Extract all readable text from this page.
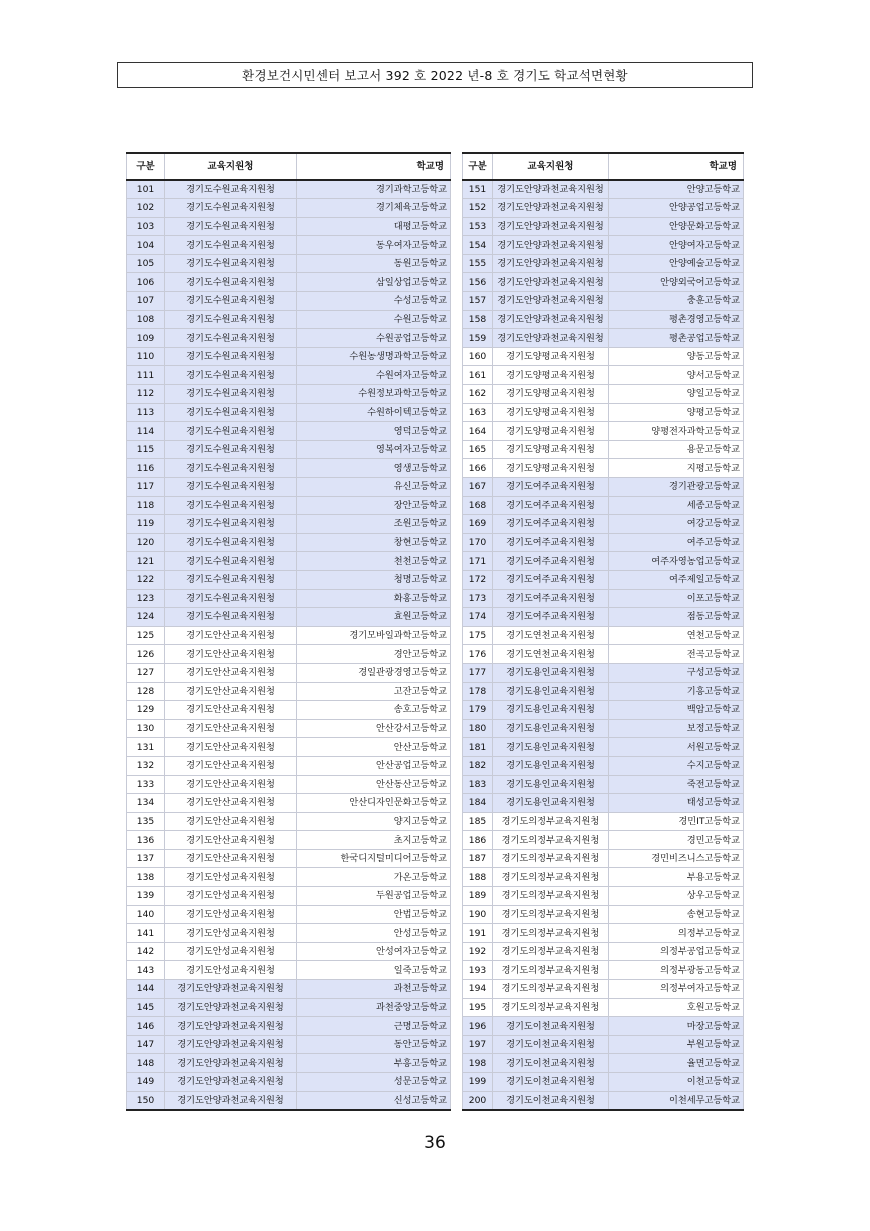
환경보건시민센터 보고서 392 호 2022 년-8 호 경기도 학교석면현황
구분	교육지원청	학교명
101	경기도수원교육지원청	경기과학고등학교
102	경기도수원교육지원청	경기체육고등학교
103	경기도수원교육지원청	대평고등학교
104	경기도수원교육지원청	동우여자고등학교
105	경기도수원교육지원청	동원고등학교
106	경기도수원교육지원청	삼일상업고등학교
107	경기도수원교육지원청	수성고등학교
108	경기도수원교육지원청	수원고등학교
109	경기도수원교육지원청	수원공업고등학교
110	경기도수원교육지원청	수원농생명과학고등학교
111	경기도수원교육지원청	수원여자고등학교
112	경기도수원교육지원청	수원정보과학고등학교
113	경기도수원교육지원청	수원하이텍고등학교
114	경기도수원교육지원청	영덕고등학교
115	경기도수원교육지원청	영복여자고등학교
116	경기도수원교육지원청	영생고등학교
117	경기도수원교육지원청	유신고등학교
118	경기도수원교육지원청	장안고등학교
119	경기도수원교육지원청	조원고등학교
120	경기도수원교육지원청	창현고등학교
121	경기도수원교육지원청	천천고등학교
122	경기도수원교육지원청	청명고등학교
123	경기도수원교육지원청	화홍고등학교
124	경기도수원교육지원청	효원고등학교
125	경기도안산교육지원청	경기모바일과학고등학교
126	경기도안산교육지원청	경안고등학교
127	경기도안산교육지원청	경일관광경영고등학교
128	경기도안산교육지원청	고잔고등학교
129	경기도안산교육지원청	송호고등학교
130	경기도안산교육지원청	안산강서고등학교
131	경기도안산교육지원청	안산고등학교
132	경기도안산교육지원청	안산공업고등학교
133	경기도안산교육지원청	안산동산고등학교
134	경기도안산교육지원청	안산디자인문화고등학교
135	경기도안산교육지원청	양지고등학교
136	경기도안산교육지원청	초지고등학교
137	경기도안산교육지원청	한국디지털미디어고등학교
138	경기도안성교육지원청	가온고등학교
139	경기도안성교육지원청	두원공업고등학교
140	경기도안성교육지원청	안법고등학교
141	경기도안성교육지원청	안성고등학교
142	경기도안성교육지원청	안성여자고등학교
143	경기도안성교육지원청	일죽고등학교
144	경기도안양과천교육지원청	과천고등학교
145	경기도안양과천교육지원청	과천중앙고등학교
146	경기도안양과천교육지원청	근명고등학교
147	경기도안양과천교육지원청	동안고등학교
148	경기도안양과천교육지원청	부흥고등학교
149	경기도안양과천교육지원청	성문고등학교
150	경기도안양과천교육지원청	신성고등학교
구분	교육지원청	학교명
151	경기도안양과천교육지원청	안양고등학교
152	경기도안양과천교육지원청	안양공업고등학교
153	경기도안양과천교육지원청	안양문화고등학교
154	경기도안양과천교육지원청	안양여자고등학교
155	경기도안양과천교육지원청	안양예술고등학교
156	경기도안양과천교육지원청	안양외국어고등학교
157	경기도안양과천교육지원청	충훈고등학교
158	경기도안양과천교육지원청	평촌경영고등학교
159	경기도안양과천교육지원청	평촌공업고등학교
160	경기도양평교육지원청	양동고등학교
161	경기도양평교육지원청	양서고등학교
162	경기도양평교육지원청	양일고등학교
163	경기도양평교육지원청	양평고등학교
164	경기도양평교육지원청	양평전자과학고등학교
165	경기도양평교육지원청	용문고등학교
166	경기도양평교육지원청	지평고등학교
167	경기도여주교육지원청	경기관광고등학교
168	경기도여주교육지원청	세종고등학교
169	경기도여주교육지원청	여강고등학교
170	경기도여주교육지원청	여주고등학교
171	경기도여주교육지원청	여주자영농업고등학교
172	경기도여주교육지원청	여주제일고등학교
173	경기도여주교육지원청	이포고등학교
174	경기도여주교육지원청	점동고등학교
175	경기도연천교육지원청	연천고등학교
176	경기도연천교육지원청	전곡고등학교
177	경기도용인교육지원청	구성고등학교
178	경기도용인교육지원청	기흥고등학교
179	경기도용인교육지원청	백암고등학교
180	경기도용인교육지원청	보정고등학교
181	경기도용인교육지원청	서원고등학교
182	경기도용인교육지원청	수지고등학교
183	경기도용인교육지원청	죽전고등학교
184	경기도용인교육지원청	태성고등학교
185	경기도의정부교육지원청	경민IT고등학교
186	경기도의정부교육지원청	경민고등학교
187	경기도의정부교육지원청	경민비즈니스고등학교
188	경기도의정부교육지원청	부용고등학교
189	경기도의정부교육지원청	상우고등학교
190	경기도의정부교육지원청	송현고등학교
191	경기도의정부교육지원청	의정부고등학교
192	경기도의정부교육지원청	의정부공업고등학교
193	경기도의정부교육지원청	의정부광동고등학교
194	경기도의정부교육지원청	의정부여자고등학교
195	경기도의정부교육지원청	호원고등학교
196	경기도이천교육지원청	마장고등학교
197	경기도이천교육지원청	부원고등학교
198	경기도이천교육지원청	율면고등학교
199	경기도이천교육지원청	이천고등학교
200	경기도이천교육지원청	이천세무고등학교
36
